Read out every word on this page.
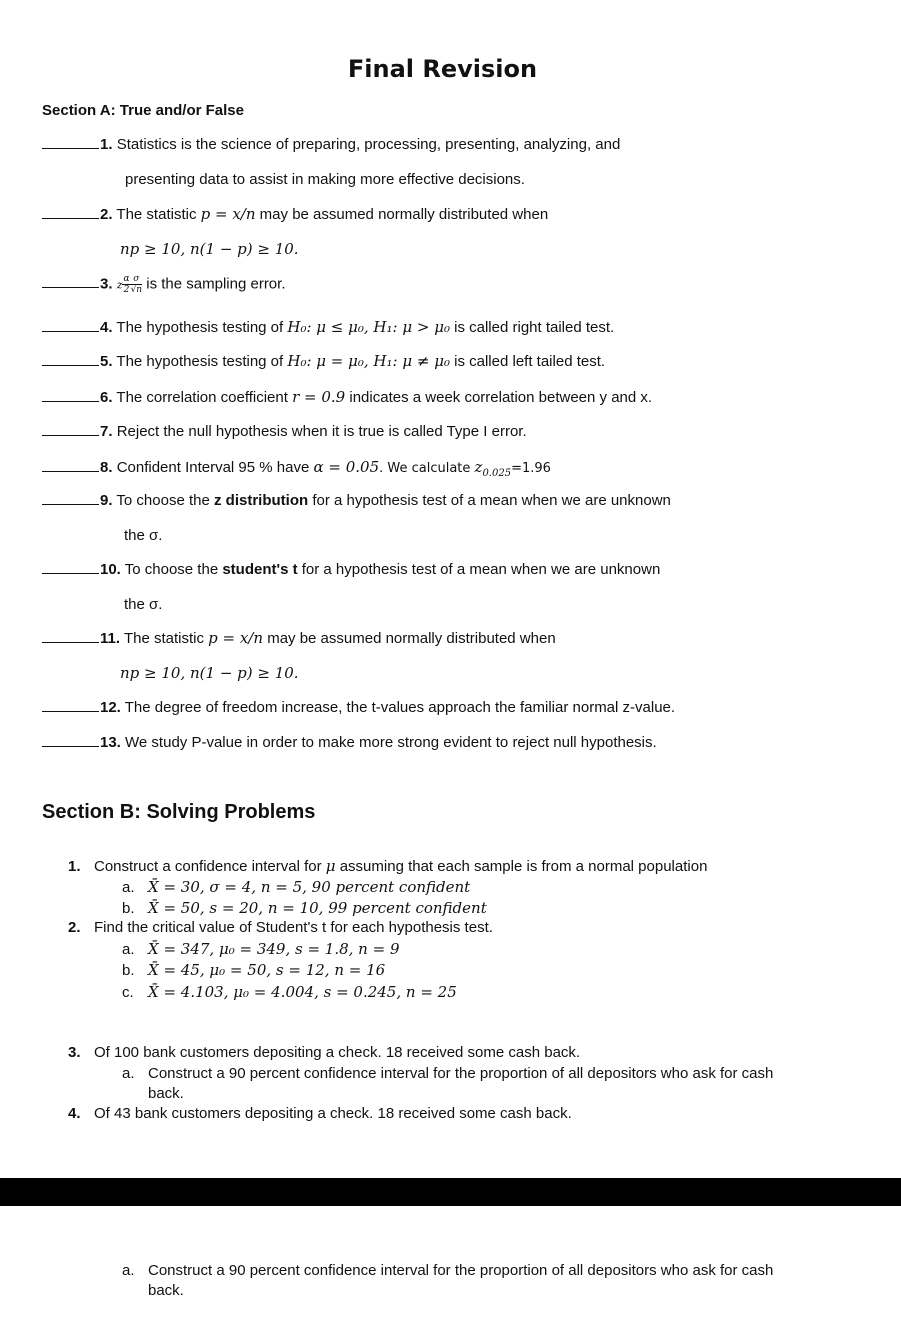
Final Revision
Section A: True and/or False
1. Statistics is the science of preparing, processing, presenting, analyzing, and
presenting data to assist in making more effective decisions.
2. The statistic p = x/n may be assumed normally distributed when
np ≥ 10, n(1 − p) ≥ 10.
3. z $\frac{\alpha}{2} \frac{\sigma}{√n}$ is the sampling error.
4. The hypothesis testing of H₀: μ ≤ μ₀, H₁: μ > μ₀ is called right tailed test.
5. The hypothesis testing of H₀: μ = μ₀, H₁: μ ≠ μ₀ is called left tailed test.
6. The correlation coefficient r = 0.9 indicates a week correlation between y and x.
7. Reject the null hypothesis when it is true is called Type I error.
8. Confident Interval 95 % have α = 0.05. We calculate $z_{0.025}=1.96$
9. To choose the z distribution for a hypothesis test of a mean when we are unknown
the σ.
10. To choose the student's t for a hypothesis test of a mean when we are unknown
the σ.
11. The statistic p = x/n may be assumed normally distributed when
np ≥ 10, n(1 − p) ≥ 10.
12. The degree of freedom increase, the t-values approach the familiar normal z-value.
13. We study P-value in order to make more strong evident to reject null hypothesis.
Section B: Solving Problems
1. Construct a confidence interval for μ assuming that each sample is from a normal population
a. X̄ = 30, σ = 4, n = 5, 90 percent confident
b. X̄ = 50, s = 20, n = 10, 99 percent confident
2. Find the critical value of Student's t for each hypothesis test.
a. X̄ = 347, μ₀ = 349, s = 1.8, n = 9
b. X̄ = 45, μ₀ = 50, s = 12, n = 16
c. X̄ = 4.103, μ₀ = 4.004, s = 0.245, n = 25
3. Of 100 bank customers depositing a check. 18 received some cash back.
a. Construct a 90 percent confidence interval for the proportion of all depositors who ask for cash
back.
4. Of 43 bank customers depositing a check. 18 received some cash back.
a. Construct a 90 percent confidence interval for the proportion of all depositors who ask for cash
back.
